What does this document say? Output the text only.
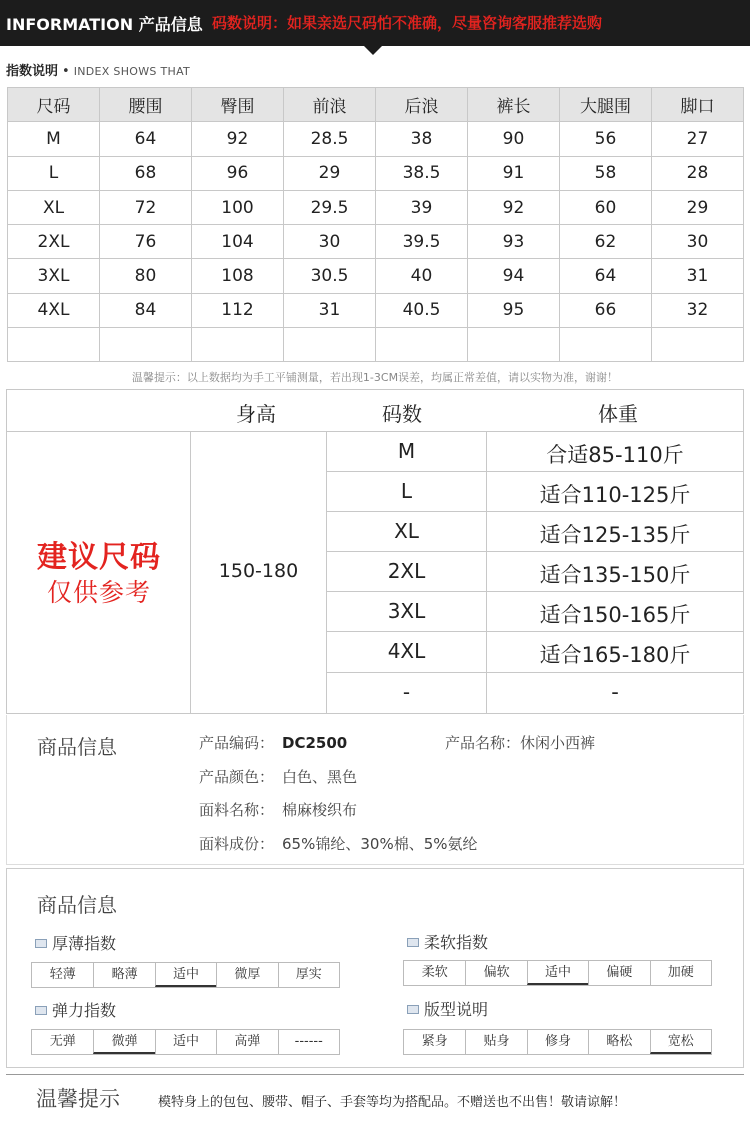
INFORMATION 产品信息 码数说明：如果亲选尺码怕不准确，尽量咨询客服推荐选购
指数说明 • INDEX SHOWS THAT
尺码	腰围	臀围	前浪	后浪	裤长	大腿围	脚口
M	64	92	28.5	38	90	56	27
L	68	96	29	38.5	91	58	28
XL	72	100	29.5	39	92	60	29
2XL	76	104	30	39.5	93	62	30
3XL	80	108	30.5	40	94	64	31
4XL	84	112	31	40.5	95	66	32

温馨提示：以上数据均为手工平铺测量，若出现1-3CM误差，均属正常差值，请以实物为准，谢谢！
身高	码数	体重
建议尺码
仅供参考
150-180
M	合适85-110斤
L	适合110-125斤
XL	适合125-135斤
2XL	适合135-150斤
3XL	适合150-165斤
4XL	适合165-180斤
-	-
商品信息	产品编码： DC2500	产品名称：休闲小西裤
产品颜色： 白色、黑色
面料名称： 棉麻梭织布
面料成份： 65%锦纶、30%棉、5%氨纶
商品信息
厚薄指数
轻薄	略薄	适中	微厚	厚实
柔软指数
柔软	偏软	适中	偏硬	加硬
弹力指数
无弹	微弹	适中	高弹	------
版型说明
紧身	贴身	修身	略松	宽松
温馨提示	模特身上的包包、腰带、帽子、手套等均为搭配品。不赠送也不出售！敬请谅解！
